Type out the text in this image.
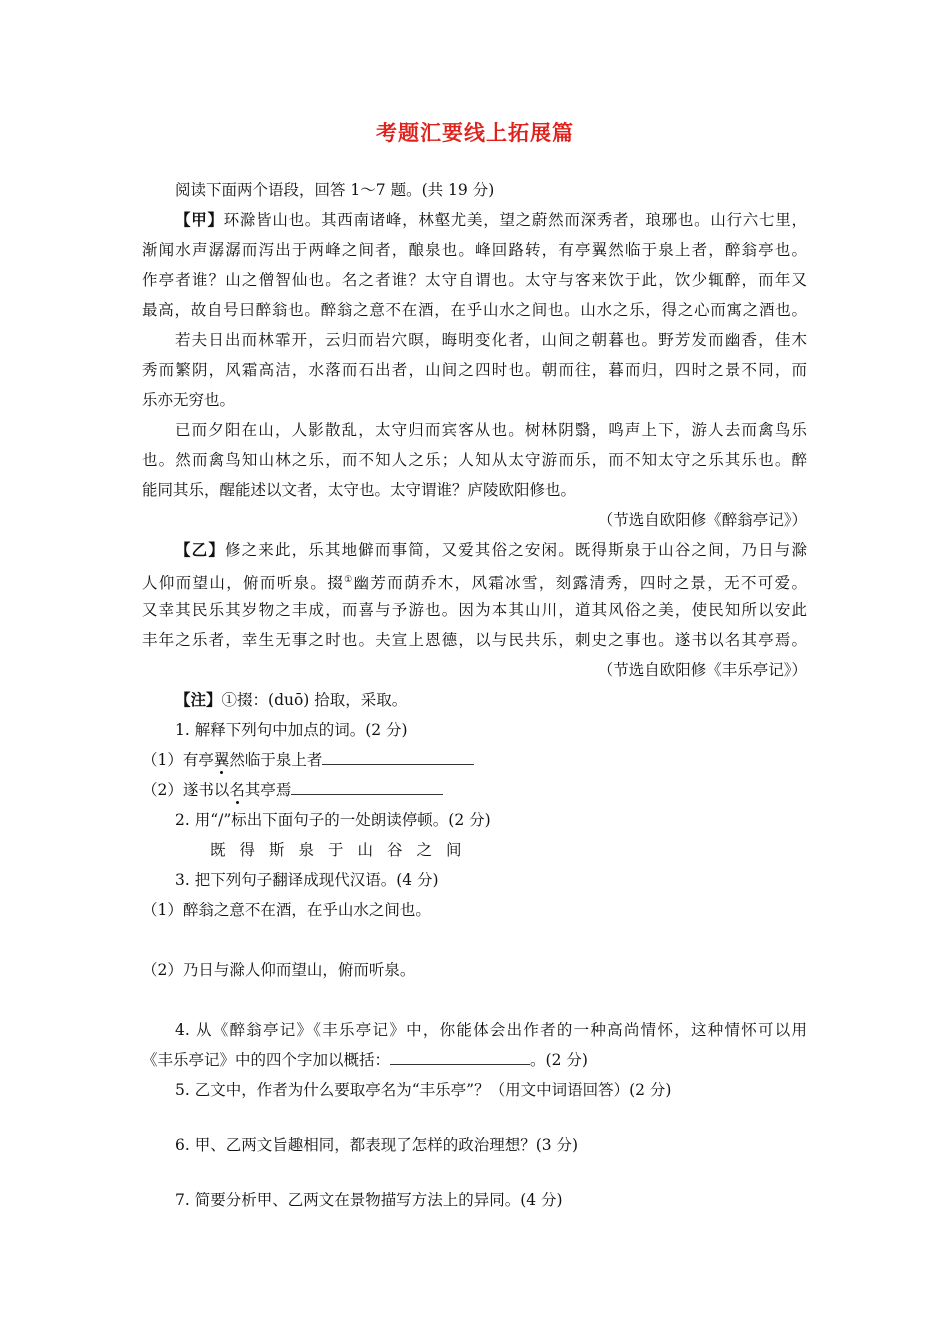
考题汇要线上拓展篇
阅读下面两个语段，回答 1～7 题。(共 19 分)
【甲】环滁皆山也。其西南诸峰，林壑尤美，望之蔚然而深秀者，琅琊也。山行六七里，
渐闻水声潺潺而泻出于两峰之间者，酿泉也。峰回路转，有亭翼然临于泉上者，醉翁亭也。
作亭者谁？山之僧智仙也。名之者谁？太守自谓也。太守与客来饮于此，饮少辄醉，而年又
最高，故自号曰醉翁也。醉翁之意不在酒，在乎山水之间也。山水之乐，得之心而寓之酒也。
若夫日出而林霏开，云归而岩穴暝，晦明变化者，山间之朝暮也。野芳发而幽香，佳木
秀而繁阴，风霜高洁，水落而石出者，山间之四时也。朝而往，暮而归，四时之景不同，而
乐亦无穷也。
已而夕阳在山，人影散乱，太守归而宾客从也。树林阴翳，鸣声上下，游人去而禽鸟乐
也。然而禽鸟知山林之乐，而不知人之乐；人知从太守游而乐，而不知太守之乐其乐也。醉
能同其乐，醒能述以文者，太守也。太守谓谁？庐陵欧阳修也。
（节选自欧阳修《醉翁亭记》）
【乙】修之来此，乐其地僻而事简，又爱其俗之安闲。既得斯泉于山谷之间，乃日与滁
人仰而望山，俯而听泉。掇①幽芳而荫乔木，风霜冰雪，刻露清秀，四时之景，无不可爱。
又幸其民乐其岁物之丰成，而喜与予游也。因为本其山川，道其风俗之美，使民知所以安此
丰年之乐者，幸生无事之时也。夫宣上恩德，以与民共乐，刺史之事也。遂书以名其亭焉。
（节选自欧阳修《丰乐亭记》）
【注】①掇：(duō) 拾取，采取。
1. 解释下列句中加点的词。(2 分)
（1）有亭翼然临于泉上者
（2）遂书以名其亭焉
2. 用“/”标出下面句子的一处朗读停顿。(2 分)
既得斯泉于山谷之间
3. 把下列句子翻译成现代汉语。(4 分)
（1）醉翁之意不在酒，在乎山水之间也。
（2）乃日与滁人仰而望山，俯而听泉。
4. 从《醉翁亭记》《丰乐亭记》中，你能体会出作者的一种高尚情怀，这种情怀可以用
《丰乐亭记》中的四个字加以概括：	。(2 分)
5. 乙文中，作者为什么要取亭名为“丰乐亭”？（用文中词语回答）(2 分)
6. 甲、乙两文旨趣相同，都表现了怎样的政治理想？(3 分)
7. 简要分析甲、乙两文在景物描写方法上的异同。(4 分)
